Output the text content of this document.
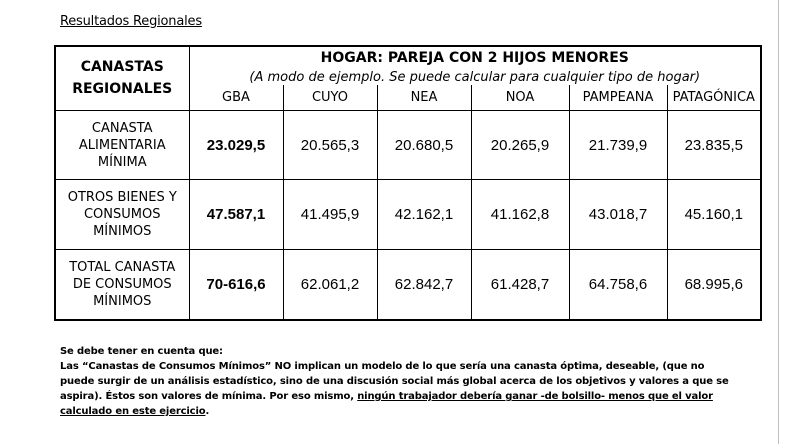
Resultados Regionales
CANASTAS
REGIONALES	HOGAR: PAREJA CON 2 HIJOS MENORES					
	(A modo de ejemplo. Se puede calcular para cualquier tipo de hogar)					
	GBA	CUYO	NEA	NOA	PAMPEANA	PATAGÓNICA

CANASTA
ALIMENTARIA
MÍNIMA	23.029,5	20.565,3	20.680,5	20.265,9	21.739,9	23.835,5

OTROS BIENES Y
CONSUMOS
MÍNIMOS	47.587,1	41.495,9	42.162,1	41.162,8	43.018,7	45.160,1

TOTAL CANASTA
DE CONSUMOS
MÍNIMOS	70-616,6	62.061,2	62.842,7	61.428,7	64.758,6	68.995,6

Se debe tener en cuenta que:

Las “Canastas de Consumos Mínimos” NO implican un modelo de lo que sería una canasta óptima, deseable, (que no puede surgir de un análisis estadístico, sino de una discusión social más global acerca de los objetivos y valores a que se aspira). Éstos son valores de mínima. Por eso mismo, ningún trabajador debería ganar -de bolsillo- menos que el valor calculado en este ejercicio.
